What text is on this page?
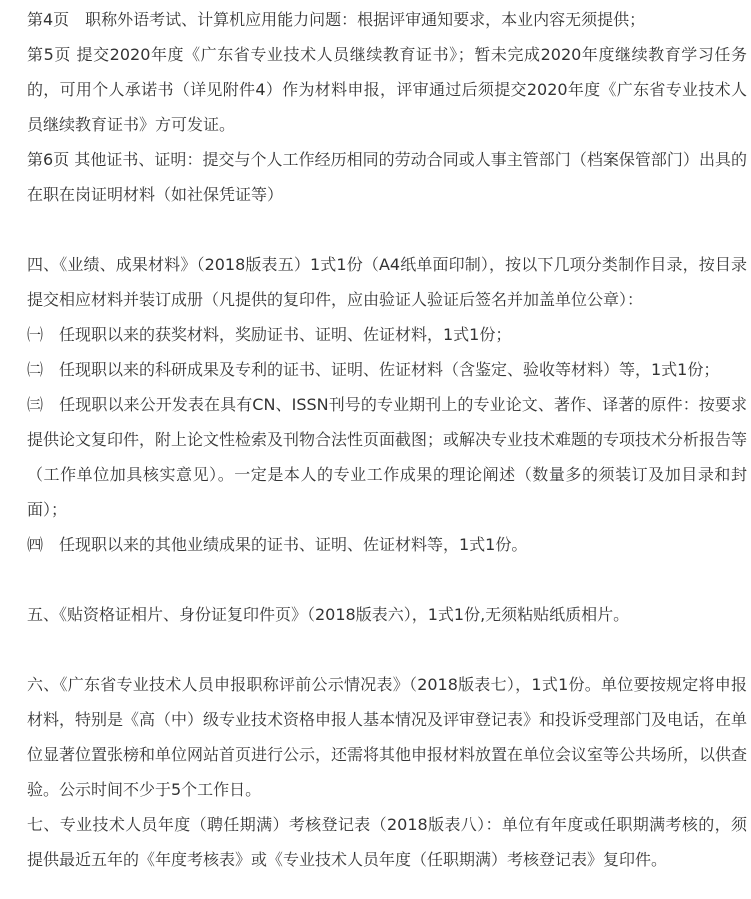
第4页　职称外语考试、计算机应用能力问题：根据评审通知要求，本业内容无须提供；

第5页 提交2020年度《广东省专业技术人员继续教育证书》；暂未完成2020年度继续教育学习任务的，可用个人承诺书（详见附件4）作为材料申报，评审通过后须提交2020年度《广东省专业技术人员继续教育证书》方可发证。

第6页 其他证书、证明：提交与个人工作经历相同的劳动合同或人事主管部门（档案保管部门）出具的在职在岗证明材料（如社保凭证等）

四、《业绩、成果材料》（2018版表五）1式1份（A4纸单面印制），按以下几项分类制作目录，按目录提交相应材料并装订成册（凡提供的复印件，应由验证人验证后签名并加盖单位公章）：

㈠　任现职以来的获奖材料，奖励证书、证明、佐证材料，1式1份；

㈡　任现职以来的科研成果及专利的证书、证明、佐证材料（含鉴定、验收等材料）等，1式1份；

㈢　任现职以来公开发表在具有CN、ISSN刊号的专业期刊上的专业论文、著作、译著的原件：按要求提供论文复印件，附上论文性检索及刊物合法性页面截图；或解决专业技术难题的专项技术分析报告等（工作单位加具核实意见）。一定是本人的专业工作成果的理论阐述（数量多的须装订及加目录和封面）；

㈣　任现职以来的其他业绩成果的证书、证明、佐证材料等，1式1份。

五、《贴资格证相片、身份证复印件页》（2018版表六），1式1份,无须粘贴纸质相片。

六、《广东省专业技术人员申报职称评前公示情况表》（2018版表七），1式1份。单位要按规定将申报材料，特别是《高（中）级专业技术资格申报人基本情况及评审登记表》和投诉受理部门及电话，在单位显著位置张榜和单位网站首页进行公示，还需将其他申报材料放置在单位会议室等公共场所，以供查验。公示时间不少于5个工作日。

七、专业技术人员年度（聘任期满）考核登记表（2018版表八）：单位有年度或任职期满考核的，须提供最近五年的《年度考核表》或《专业技术人员年度（任职期满）考核登记表》复印件。
